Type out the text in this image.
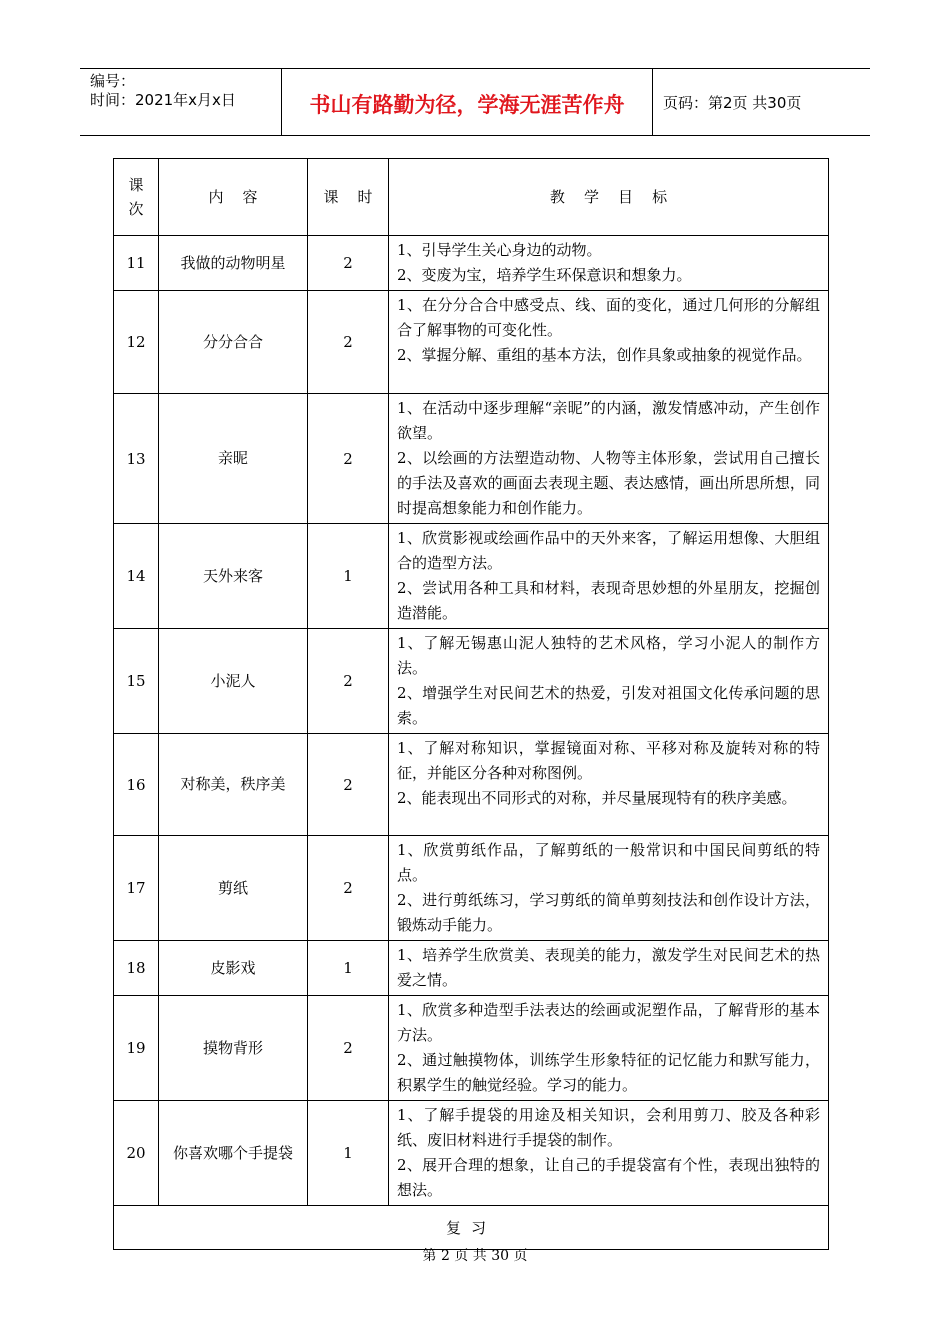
编号：
时间：2021年x月x日	书山有路勤为径，学海无涯苦作舟	页码：第2页 共30页
课
次	内    容	课    时	教    学    目    标
11	我做的动物明星	2	1、引导学生关心身边的动物。
2、变废为宝，培养学生环保意识和想象力。

12	分分合合	2	1、在分分合合中感受点、线、面的变化，通过几何形的分解组合了解事物的可变化性。
2、掌握分解、重组的基本方法，创作具象或抽象的视觉作品。

13	亲昵	2	1、在活动中逐步理解“亲昵”的内涵，激发情感冲动，产生创作欲望。
2、以绘画的方法塑造动物、人物等主体形象，尝试用自己擅长的手法及喜欢的画面去表现主题、表达感情，画出所思所想，同时提高想象能力和创作能力。

14	天外来客	1	1、欣赏影视或绘画作品中的天外来客，了解运用想像、大胆组合的造型方法。
2、尝试用各种工具和材料，表现奇思妙想的外星朋友，挖掘创造潜能。

15	小泥人	2	1、了解无锡惠山泥人独特的艺术风格，学习小泥人的制作方法。
2、增强学生对民间艺术的热爱，引发对祖国文化传承问题的思索。

16	对称美，秩序美	2	1、了解对称知识，掌握镜面对称、平移对称及旋转对称的特征，并能区分各种对称图例。
2、能表现出不同形式的对称，并尽量展现特有的秩序美感。

17	剪纸	2	1、欣赏剪纸作品，了解剪纸的一般常识和中国民间剪纸的特点。
2、进行剪纸练习，学习剪纸的简单剪刻技法和创作设计方法，锻炼动手能力。

18	皮影戏	1	1、培养学生欣赏美、表现美的能力，激发学生对民间艺术的热爱之情。

19	摸物背形	2	1、欣赏多种造型手法表达的绘画或泥塑作品，了解背形的基本方法。
2、通过触摸物体，训练学生形象特征的记忆能力和默写能力，积累学生的触觉经验。学习的能力。

20	你喜欢哪个手提袋	1	1、了解手提袋的用途及相关知识，会利用剪刀、胶及各种彩纸、废旧材料进行手提袋的制作。
2、展开合理的想象，让自己的手提袋富有个性，表现出独特的想法。

复习			
第 2 页 共 30 页
